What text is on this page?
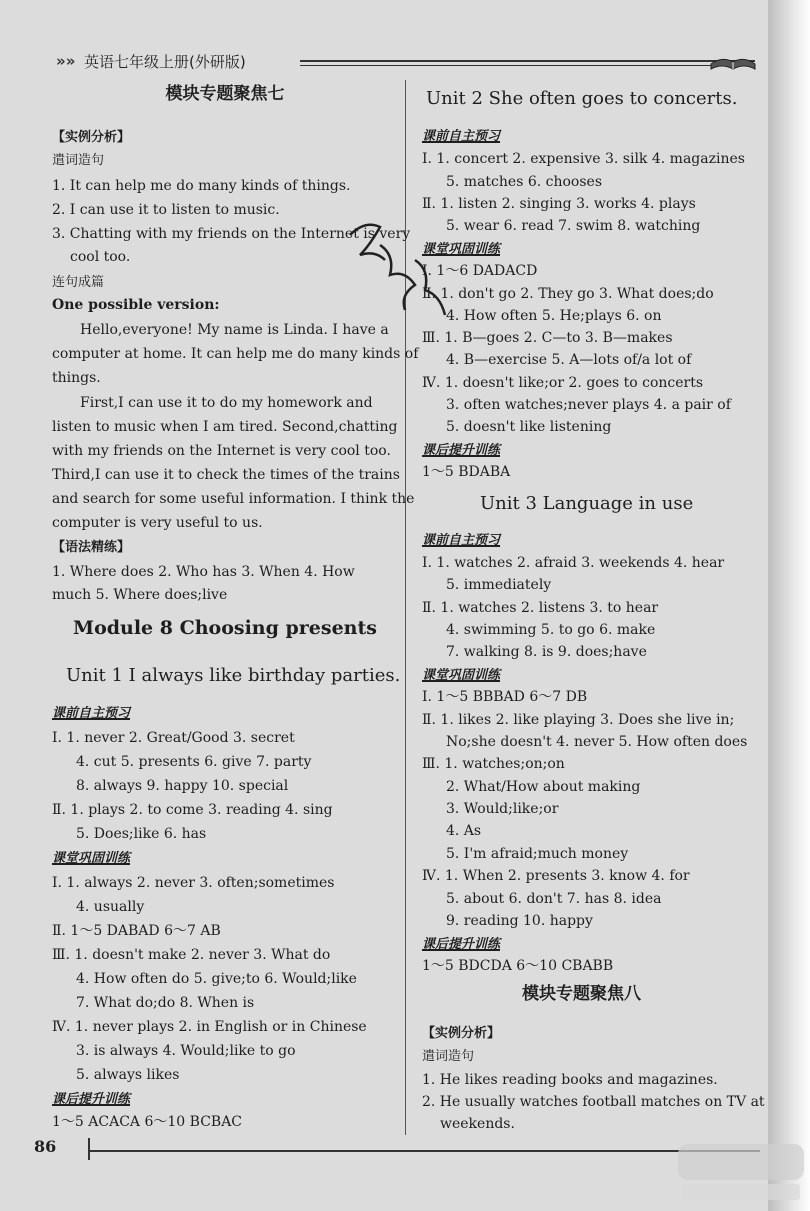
»» 英语七年级上册(外研版)
模块专题聚焦七
【实例分析】
遣词造句
1. It can help me do many kinds of things.
2. I can use it to listen to music.
3. Chatting with my friends on the Internet is very
cool too.
连句成篇
One possible version:
Hello,everyone! My name is Linda. I have a
computer at home. It can help me do many kinds of
things.
First,I can use it to do my homework and
listen to music when I am tired. Second,chatting
with my friends on the Internet is very cool too.
Third,I can use it to check the times of the trains
and search for some useful information. I think the
computer is very useful to us.
【语法精练】
1. Where does 2. Who has 3. When 4. How
much 5. Where does;live
Module 8 Choosing presents
Unit 1 I always like birthday parties.
课前自主预习
Ⅰ. 1. never 2. Great/Good 3. secret
4. cut 5. presents 6. give 7. party
8. always 9. happy 10. special
Ⅱ. 1. plays 2. to come 3. reading 4. sing
5. Does;like 6. has
课堂巩固训练
Ⅰ. 1. always 2. never 3. often;sometimes
4. usually
Ⅱ. 1～5 DABAD 6～7 AB
Ⅲ. 1. doesn't make 2. never 3. What do
4. How often do 5. give;to 6. Would;like
7. What do;do 8. When is
Ⅳ. 1. never plays 2. in English or in Chinese
3. is always 4. Would;like to go
5. always likes
课后提升训练
1～5 ACACA 6～10 BCBAC
Unit 2 She often goes to concerts.
课前自主预习
Ⅰ. 1. concert 2. expensive 3. silk 4. magazines
5. matches 6. chooses
Ⅱ. 1. listen 2. singing 3. works 4. plays
5. wear 6. read 7. swim 8. watching
课堂巩固训练
Ⅰ. 1～6 DADACD
Ⅱ. 1. don't go 2. They go 3. What does;do
4. How often 5. He;plays 6. on
Ⅲ. 1. B—goes 2. C—to 3. B—makes
4. B—exercise 5. A—lots of/a lot of
Ⅳ. 1. doesn't like;or 2. goes to concerts
3. often watches;never plays 4. a pair of
5. doesn't like listening
课后提升训练
1～5 BDABA
Unit 3 Language in use
课前自主预习
Ⅰ. 1. watches 2. afraid 3. weekends 4. hear
5. immediately
Ⅱ. 1. watches 2. listens 3. to hear
4. swimming 5. to go 6. make
7. walking 8. is 9. does;have
课堂巩固训练
Ⅰ. 1～5 BBBAD 6～7 DB
Ⅱ. 1. likes 2. like playing 3. Does she live in;
No;she doesn't 4. never 5. How often does
Ⅲ. 1. watches;on;on
2. What/How about making
3. Would;like;or
4. As
5. I'm afraid;much money
Ⅳ. 1. When 2. presents 3. know 4. for
5. about 6. don't 7. has 8. idea
9. reading 10. happy
课后提升训练
1～5 BDCDA 6～10 CBABB
模块专题聚焦八
【实例分析】
遣词造句
1. He likes reading books and magazines.
2. He usually watches football matches on TV at
weekends.
86
